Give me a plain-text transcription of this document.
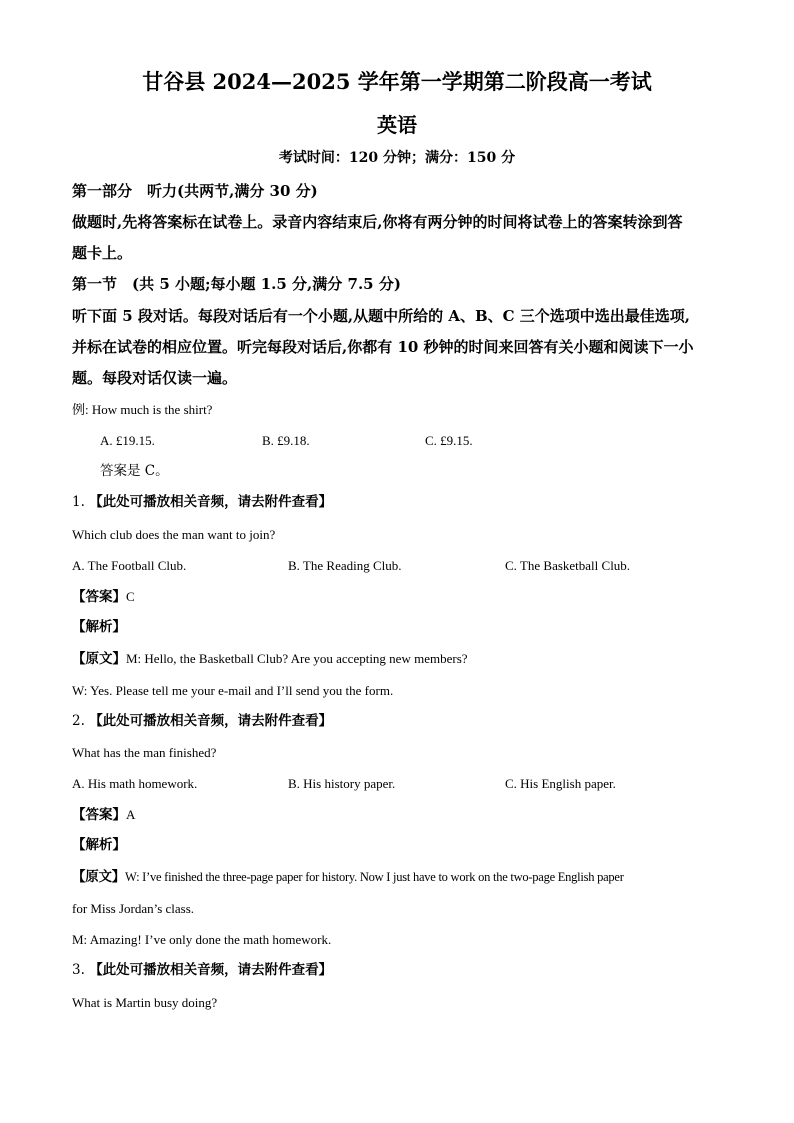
甘谷县 2024—2025 学年第一学期第二阶段高一考试
英语
考试时间：120 分钟；满分：150 分
第一部分　听力(共两节,满分 30 分)
做题时,先将答案标在试卷上。录音内容结束后,你将有两分钟的时间将试卷上的答案转涂到答
题卡上。
第一节　(共 5 小题;每小题 1.5 分,满分 7.5 分)
听下面 5 段对话。每段对话后有一个小题,从题中所给的 A、B、C 三个选项中选出最佳选项,
并标在试卷的相应位置。听完每段对话后,你都有 10 秒钟的时间来回答有关小题和阅读下一小
题。每段对话仅读一遍。
例: How much is the shirt?
A. £19.15.	B. £9.18.	C. £9.15.
答案是 C。
1. 【此处可播放相关音频，请去附件查看】
Which club does the man want to join?
A. The Football Club.	B. The Reading Club.	C. The Basketball Club.
【答案】C
【解析】
【原文】M: Hello, the Basketball Club? Are you accepting new members?
W: Yes. Please tell me your e-mail and I’ll send you the form.
2. 【此处可播放相关音频，请去附件查看】
What has the man finished?
A. His math homework.	B. His history paper.	C. His English paper.
【答案】A
【解析】
【原文】W: I’ve finished the three-page paper for history. Now I just have to work on the two-page English paper
for Miss Jordan’s class.
M: Amazing! I’ve only done the math homework.
3. 【此处可播放相关音频，请去附件查看】
What is Martin busy doing?
